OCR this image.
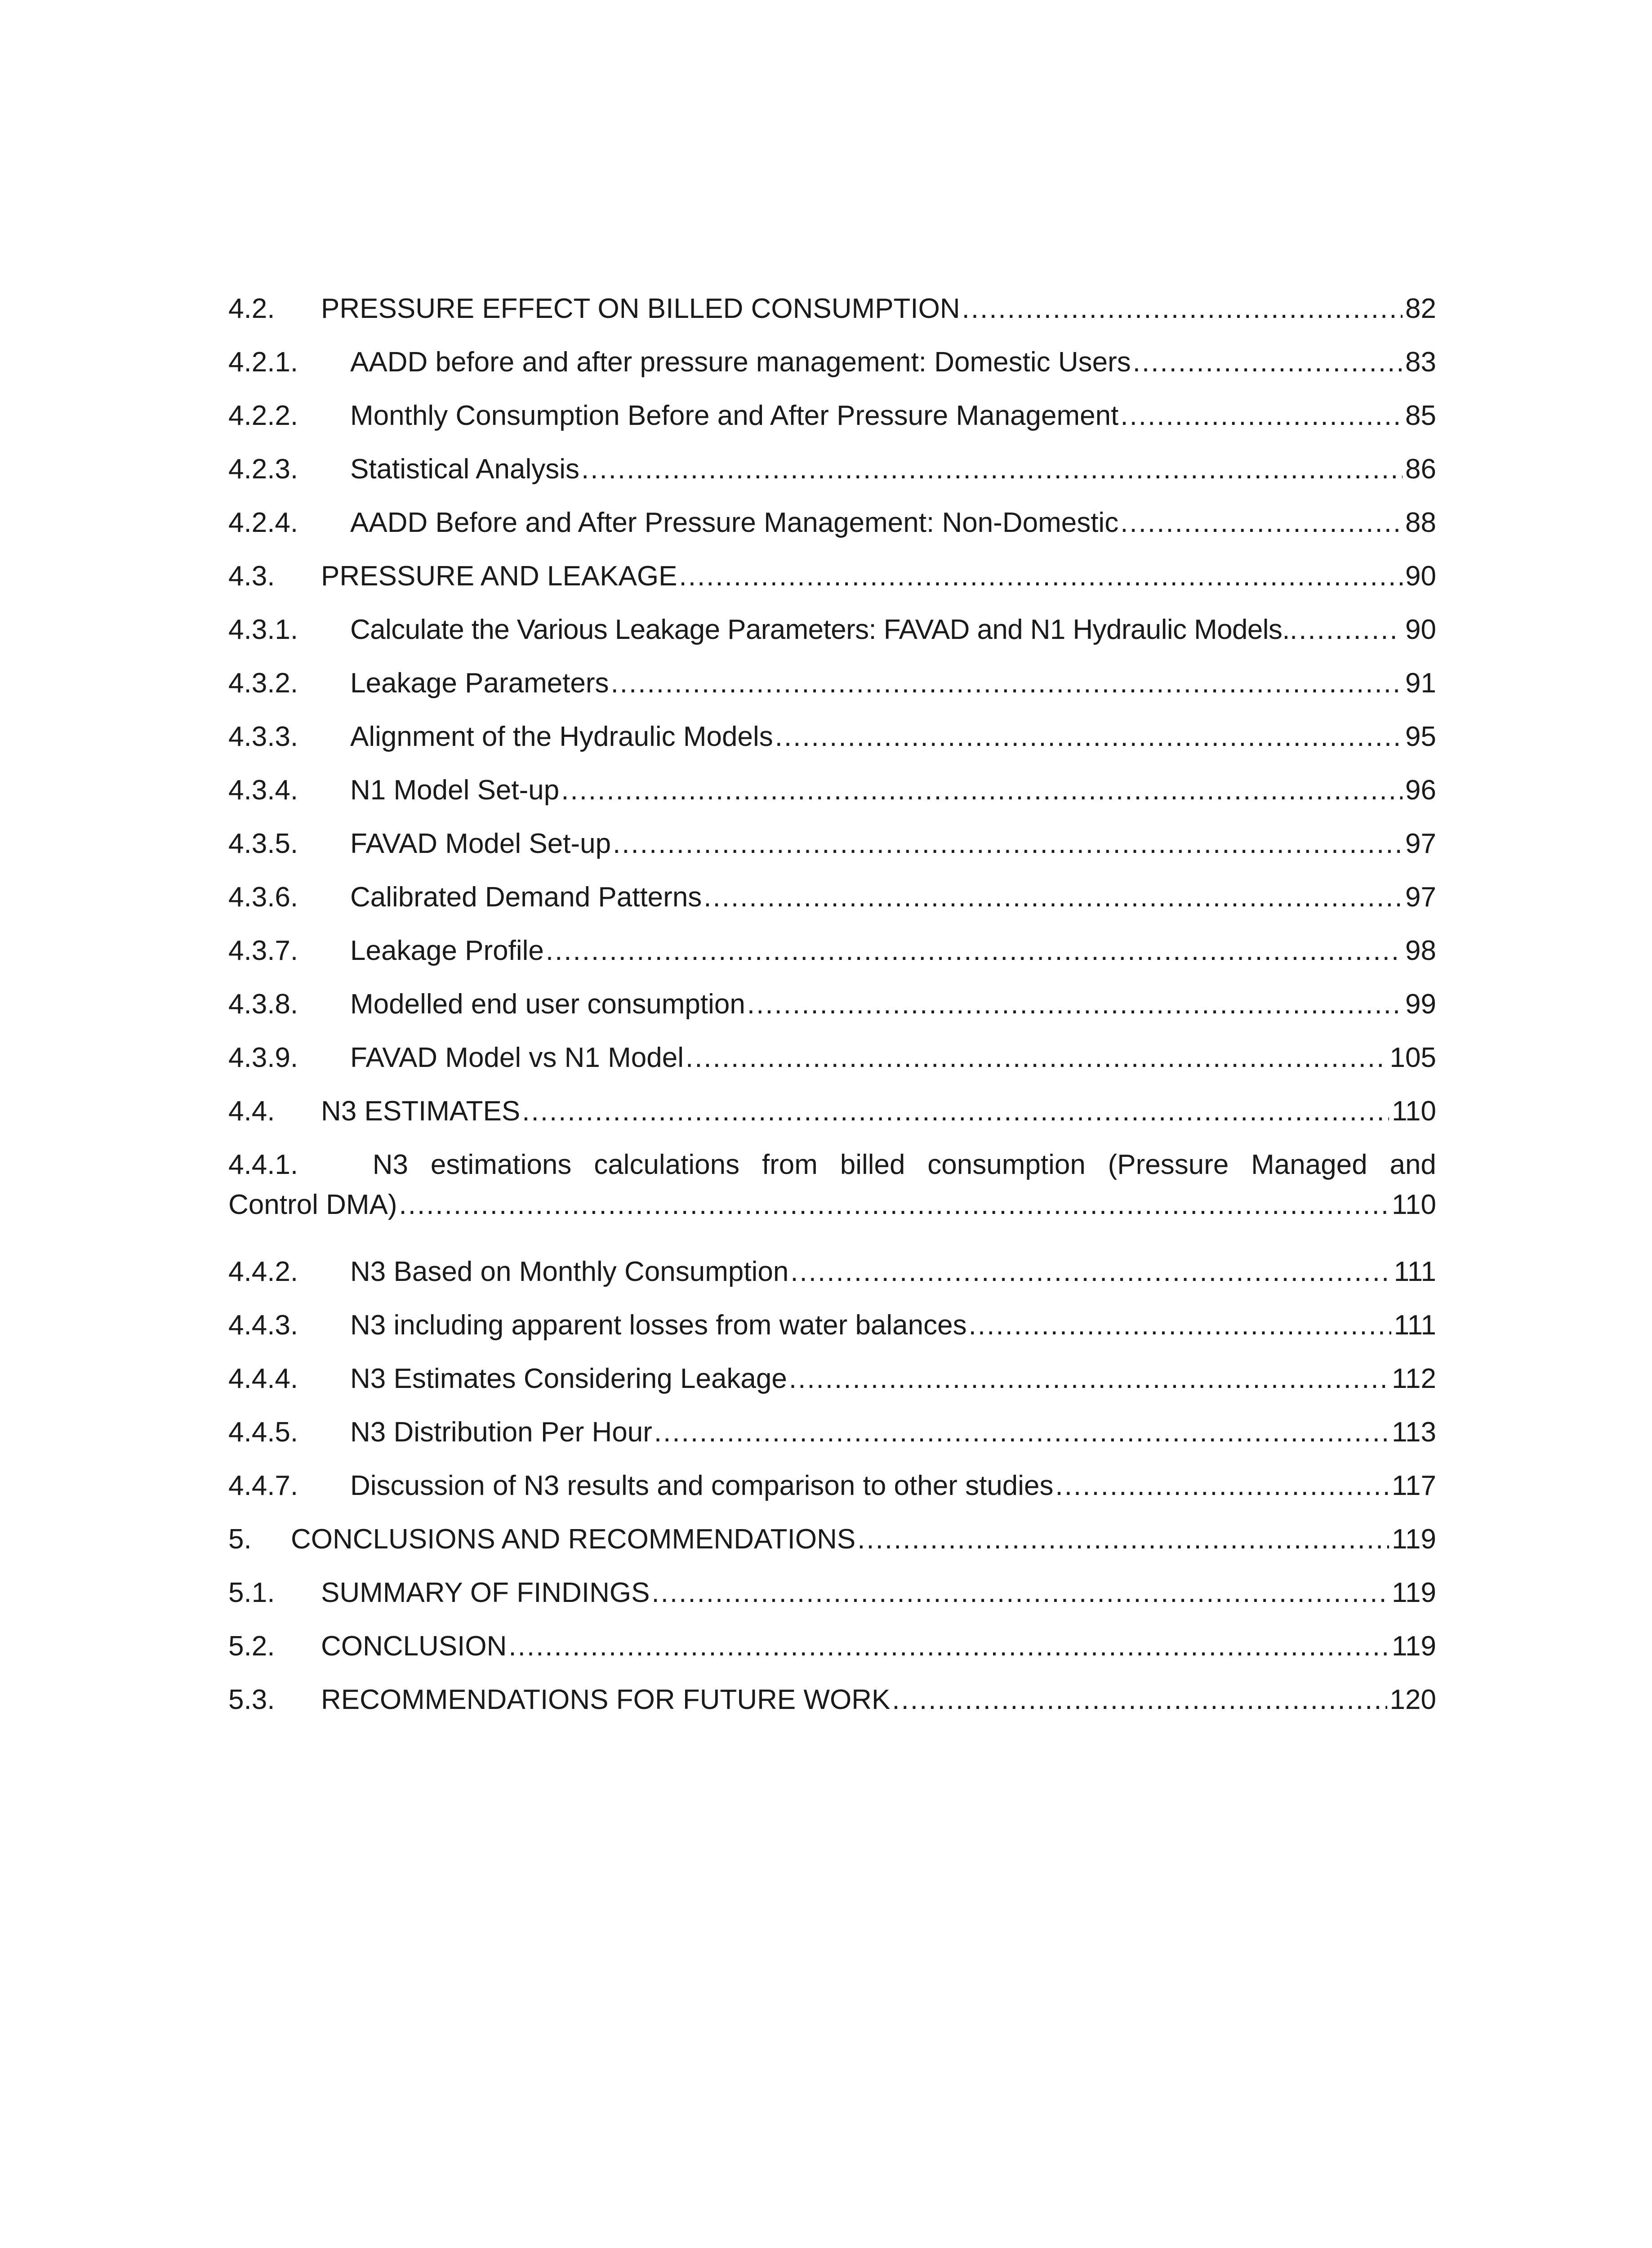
4.2.	PRESSURE EFFECT ON BILLED CONSUMPTION .....	82
4.2.1.	AADD before and after pressure management: Domestic Users .....	83
4.2.2.	Monthly Consumption Before and After Pressure Management .....	85
4.2.3.	Statistical Analysis .....	86
4.2.4.	AADD Before and After Pressure Management: Non-Domestic .....	88
4.3.	PRESSURE AND LEAKAGE .....	90
4.3.1.	Calculate the Various Leakage Parameters: FAVAD and N1 Hydraulic Models. .....	90
4.3.2.	Leakage Parameters .....	91
4.3.3.	Alignment of the Hydraulic Models .....	95
4.3.4.	N1 Model Set-up .....	96
4.3.5.	FAVAD Model Set-up .....	97
4.3.6.	Calibrated Demand Patterns .....	97
4.3.7.	Leakage Profile .....	98
4.3.8.	Modelled end user consumption .....	99
4.3.9.	FAVAD Model vs N1 Model .....	105
4.4.	N3 ESTIMATES .....	110
4.4.1.	N3 estimations calculations from billed consumption (Pressure Managed and
Control DMA) .....	110
4.4.2.	N3 Based on Monthly Consumption .....	111
4.4.3.	N3 including apparent losses from water balances .....	111
4.4.4.	N3 Estimates Considering Leakage .....	112
4.4.5.	N3 Distribution Per Hour .....	113
4.4.7.	Discussion of N3 results and comparison to other studies .....	117
5.	CONCLUSIONS AND RECOMMENDATIONS .....	119
5.1.	SUMMARY OF FINDINGS .....	119
5.2.	CONCLUSION .....	119
5.3.	RECOMMENDATIONS FOR FUTURE WORK .....	120
